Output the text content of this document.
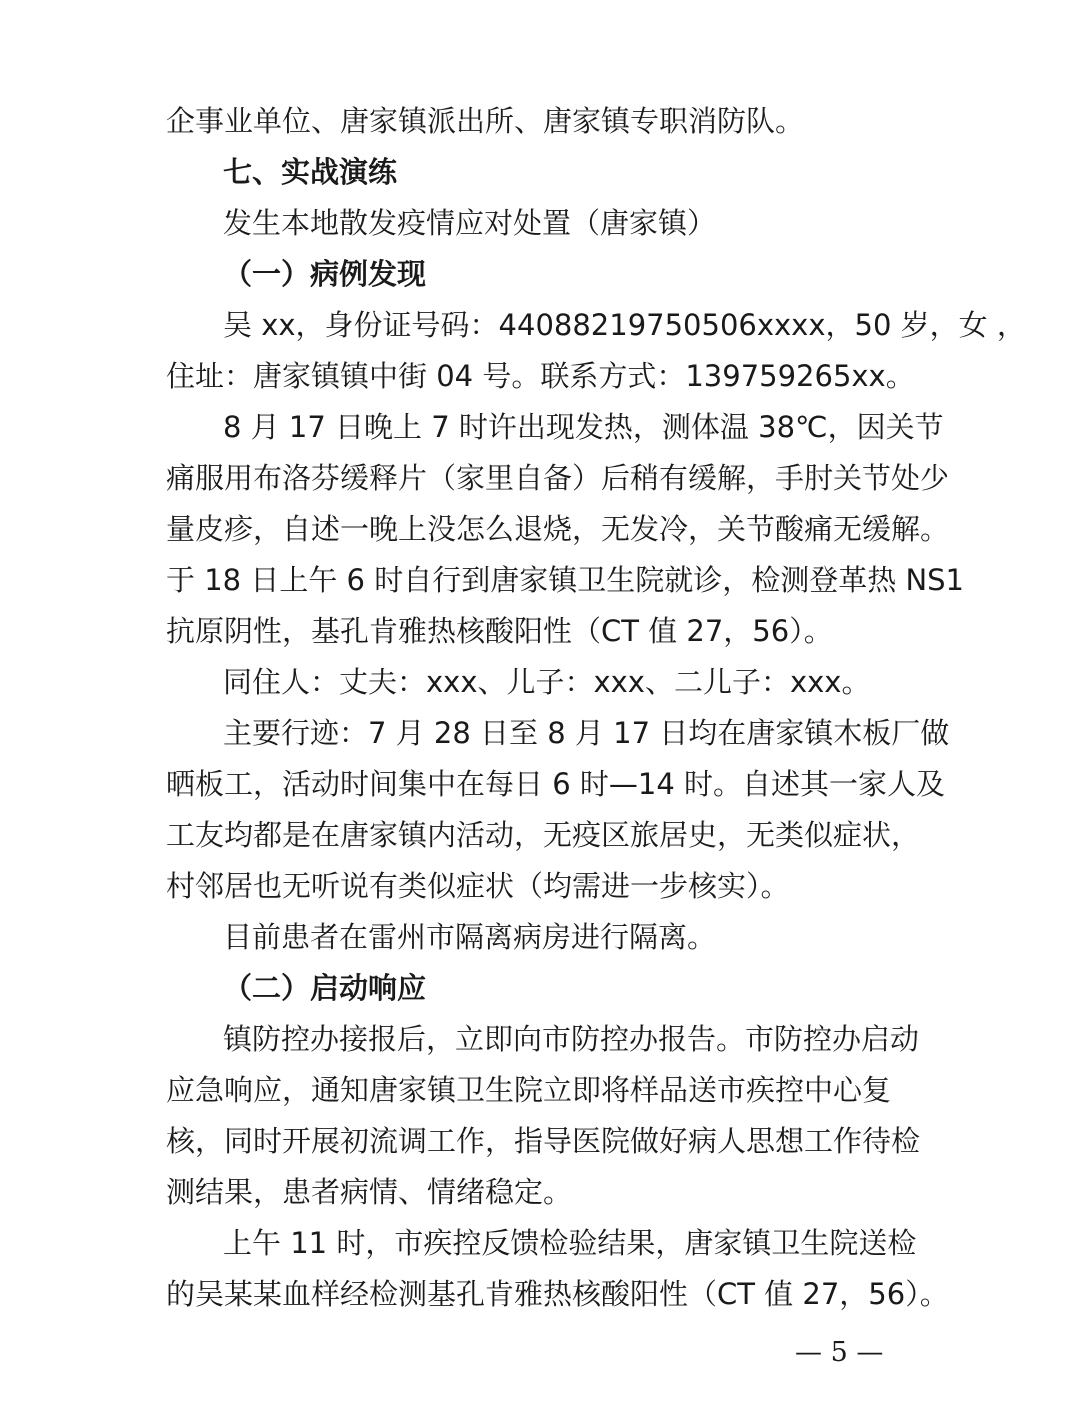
企事业单位、唐家镇派出所、唐家镇专职消防队。
七、实战演练
发生本地散发疫情应对处置（唐家镇）
（一）病例发现
吴 xx，身份证号码：44088219750506xxxx，50 岁，女 ，
住址：唐家镇镇中街 04 号。联系方式：139759265xx。
8 月 17 日晚上 7 时许出现发热，测体温 38℃，因关节
痛服用布洛芬缓释片（家里自备）后稍有缓解，手肘关节处少
量皮疹，自述一晚上没怎么退烧，无发冷，关节酸痛无缓解。
于 18 日上午 6 时自行到唐家镇卫生院就诊，检测登革热 NS1
抗原阴性，基孔肯雅热核酸阳性（CT 值 27，56）。
同住人：丈夫：xxx、儿子：xxx、二儿子：xxx。
主要行迹：7 月 28 日至 8 月 17 日均在唐家镇木板厂做
晒板工，活动时间集中在每日 6 时—14 时。自述其一家人及
工友均都是在唐家镇内活动，无疫区旅居史，无类似症状，
村邻居也无听说有类似症状（均需进一步核实）。
目前患者在雷州市隔离病房进行隔离。
（二）启动响应
镇防控办接报后，立即向市防控办报告。市防控办启动
应急响应，通知唐家镇卫生院立即将样品送市疾控中心复
核，同时开展初流调工作，指导医院做好病人思想工作待检
测结果，患者病情、情绪稳定。
上午 11 时，市疾控反馈检验结果，唐家镇卫生院送检
的吴某某血样经检测基孔肯雅热核酸阳性（CT 值 27，56）。
— 5 —
